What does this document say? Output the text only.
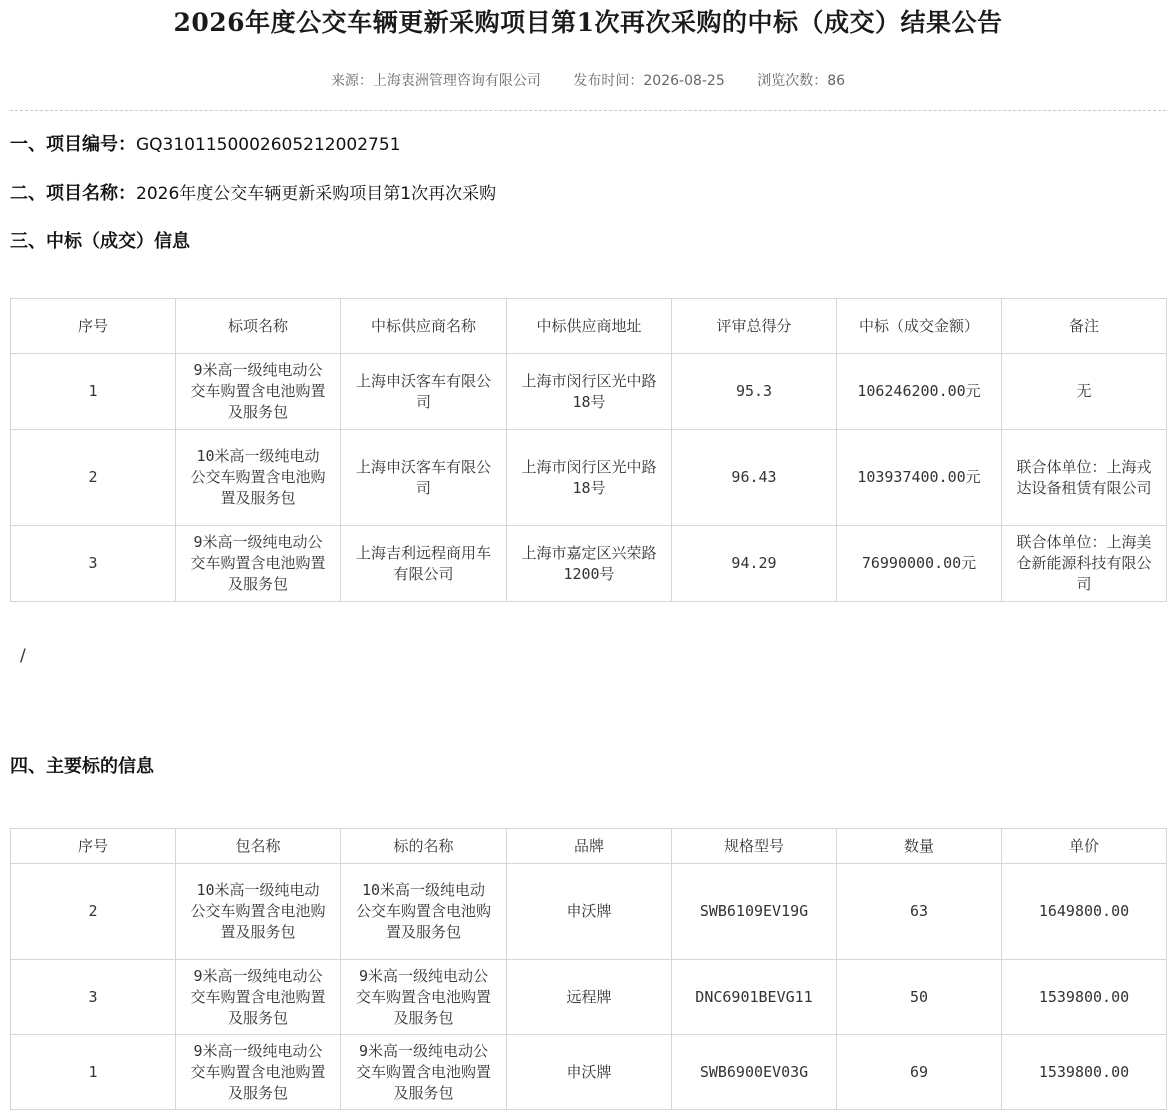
2026年度公交车辆更新采购项目第1次再次采购的中标（成交）结果公告
来源：上海衷洲管理咨询有限公司 发布时间：2026-08-25 浏览次数：86
一、项目编号：GQ3101150002605212002751
二、项目名称：2026年度公交车辆更新采购项目第1次再次采购
三、中标（成交）信息
序号	标项名称	中标供应商名称	中标供应商地址	评审总得分	中标（成交金额）	备注
1	9米高一级纯电动公交车购置含电池购置及服务包	上海申沃客车有限公司	上海市闵行区光中路18号	95.3	106246200.00元	无
2	10米高一级纯电动公交车购置含电池购置及服务包	上海申沃客车有限公司	上海市闵行区光中路18号	96.43	103937400.00元	联合体单位：上海戎达设备租赁有限公司
3	9米高一级纯电动公交车购置含电池购置及服务包	上海吉利远程商用车有限公司	上海市嘉定区兴荣路1200号	94.29	76990000.00元	联合体单位：上海美仓新能源科技有限公司
/
四、主要标的信息
序号	包名称	标的名称	品牌	规格型号	数量	单价
2	10米高一级纯电动公交车购置含电池购置及服务包	10米高一级纯电动公交车购置含电池购置及服务包	申沃牌	SWB6109EV19G	63	1649800.00
3	9米高一级纯电动公交车购置含电池购置及服务包	9米高一级纯电动公交车购置含电池购置及服务包	远程牌	DNC6901BEVG11	50	1539800.00
1	9米高一级纯电动公交车购置含电池购置及服务包	9米高一级纯电动公交车购置含电池购置及服务包	申沃牌	SWB6900EV03G	69	1539800.00
